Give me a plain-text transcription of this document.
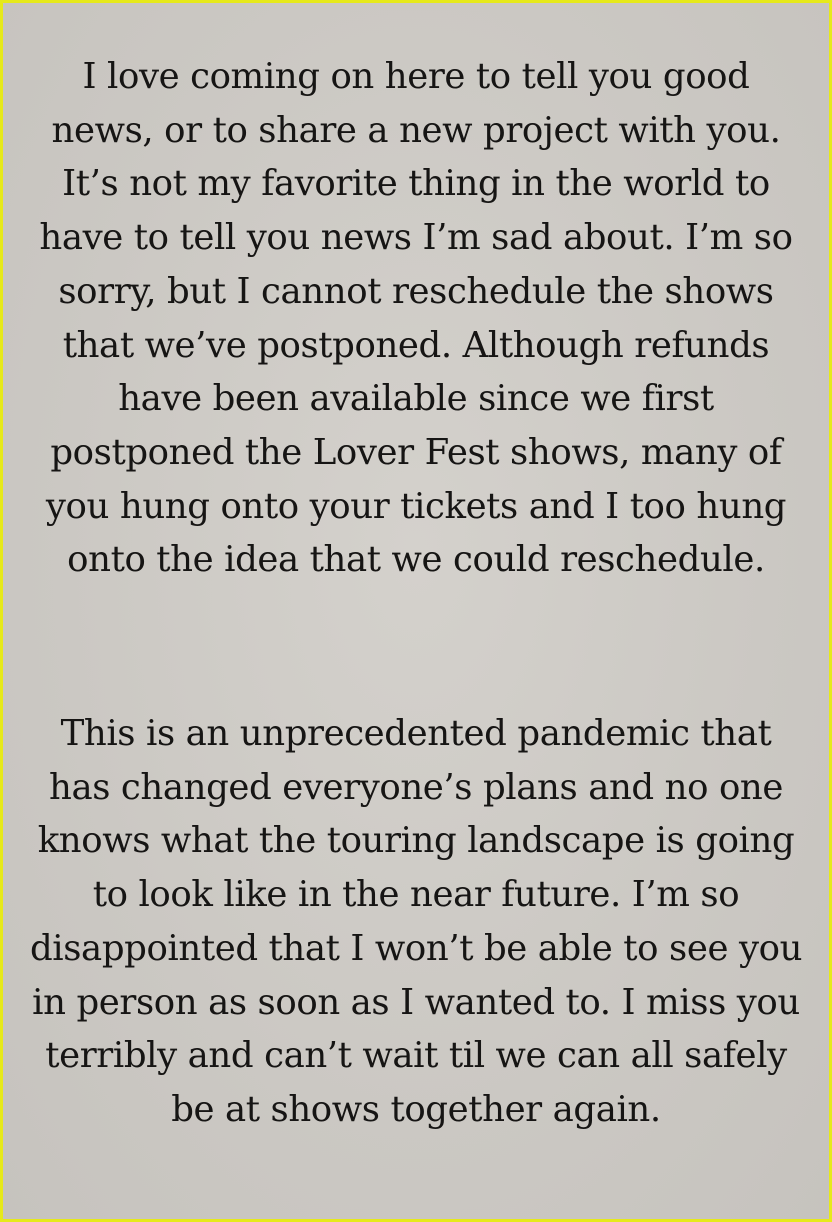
I love coming on here to tell you good
news, or to share a new project with you.
It’s not my favorite thing in the world to
have to tell you news I’m sad about. I’m so
sorry, but I cannot reschedule the shows
that we’ve postponed. Although refunds
have been available since we first
postponed the Lover Fest shows, many of
you hung onto your tickets and I too hung
onto the idea that we could reschedule.

This is an unprecedented pandemic that
has changed everyone’s plans and no one
knows what the touring landscape is going
to look like in the near future. I’m so
disappointed that I won’t be able to see you
in person as soon as I wanted to. I miss you
terribly and can’t wait til we can all safely
be at shows together again.
